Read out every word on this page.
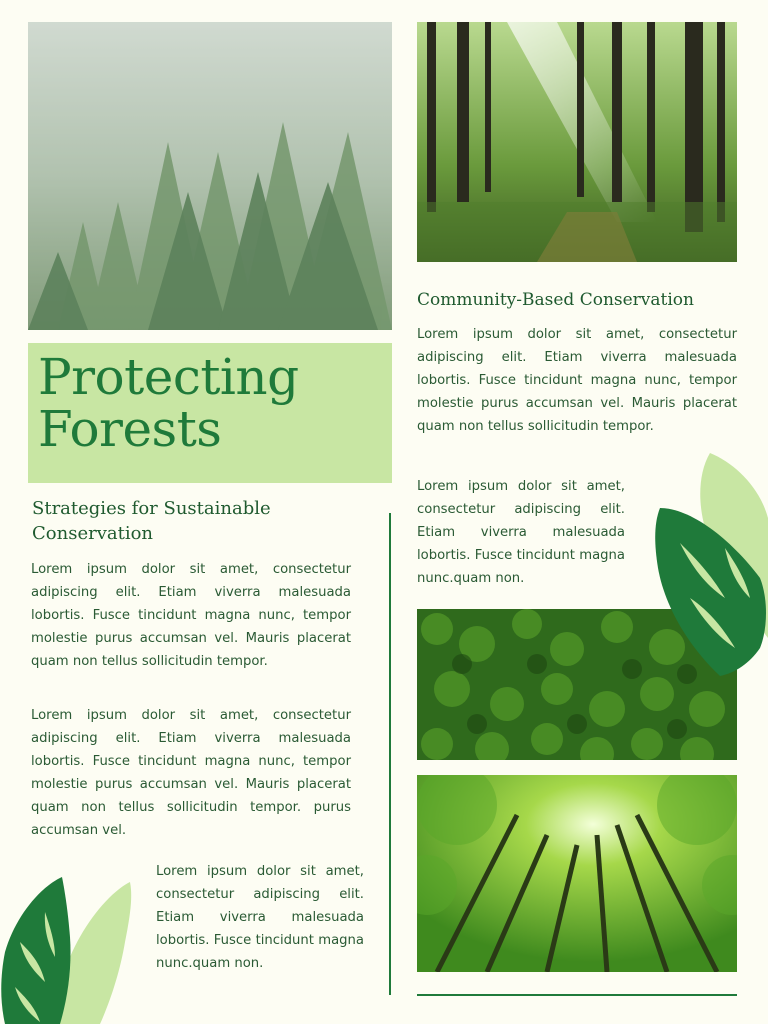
Protecting
Forests
Strategies for Sustainable Conservation
Lorem ipsum dolor sit amet, consectetur adipiscing elit. Etiam viverra malesuada lobortis. Fusce tincidunt magna nunc, tempor molestie purus accumsan vel. Mauris placerat quam non tellus sollicitudin tempor.
Lorem ipsum dolor sit amet, consectetur adipiscing elit. Etiam viverra malesuada lobortis. Fusce tincidunt magna nunc, tempor molestie purus accumsan vel. Mauris placerat quam non tellus sollicitudin tempor. purus accumsan vel.
Lorem ipsum dolor sit amet, consectetur adipiscing elit. Etiam viverra malesuada lobortis. Fusce tincidunt magna nunc.quam non.
Community-Based Conservation
Lorem ipsum dolor sit amet, consectetur adipiscing elit. Etiam viverra malesuada lobortis. Fusce tincidunt magna nunc, tempor molestie purus accumsan vel. Mauris placerat quam non tellus sollicitudin tempor.
Lorem ipsum dolor sit amet, consectetur adipiscing elit. Etiam viverra malesuada lobortis. Fusce tincidunt magna nunc.quam non.
